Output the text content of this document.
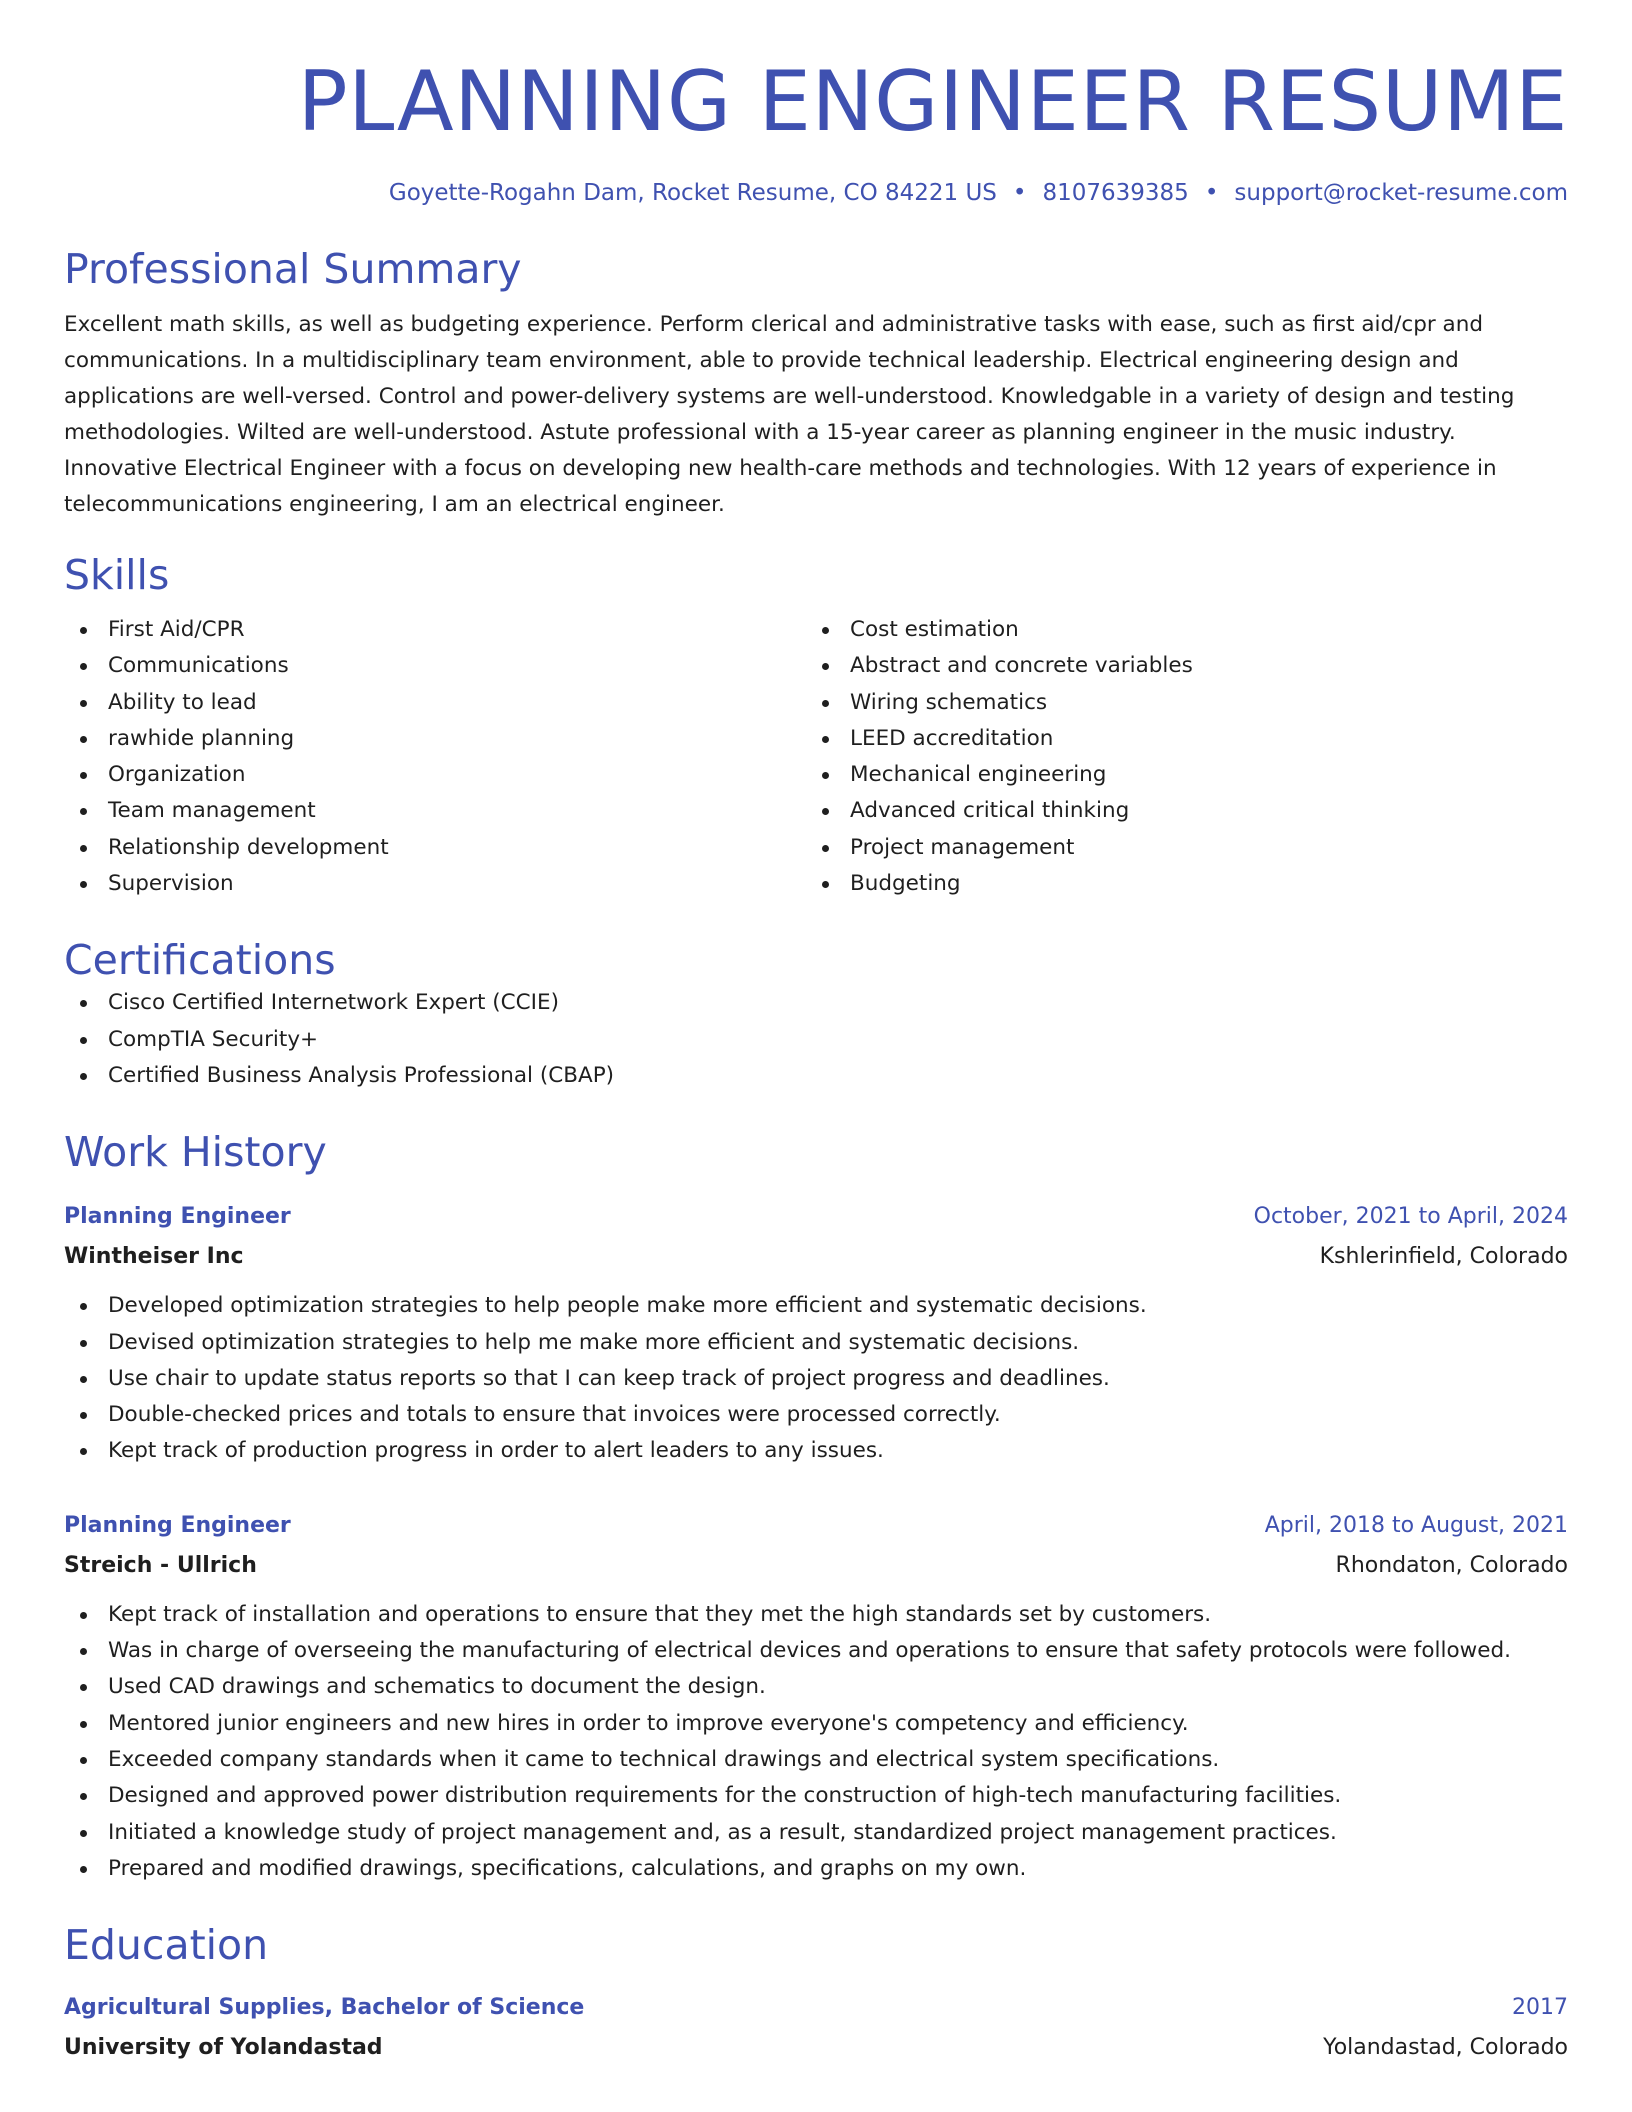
PLANNING ENGINEER RESUME
Goyette-Rogahn Dam, Rocket Resume, CO 84221 US • 8107639385 • support@rocket-resume.com
Professional Summary

Excellent math skills, as well as budgeting experience. Perform clerical and administrative tasks with ease, such as first aid/cpr and communications. In a multidisciplinary team environment, able to provide technical leadership. Electrical engineering design and applications are well-versed. Control and power-delivery systems are well-understood. Knowledgable in a variety of design and testing methodologies. Wilted are well-understood. Astute professional with a 15-year career as planning engineer in the music industry. Innovative Electrical Engineer with a focus on developing new health-care methods and technologies. With 12 years of experience in telecommunications engineering, I am an electrical engineer.

Skills
First Aid/CPR
Communications
Ability to lead
rawhide planning
Organization
Team management
Relationship development
Supervision
Cost estimation
Abstract and concrete variables
Wiring schematics
LEED accreditation
Mechanical engineering
Advanced critical thinking
Project management
Budgeting
Certifications
Cisco Certified Internetwork Expert (CCIE)
CompTIA Security+
Certified Business Analysis Professional (CBAP)
Work History
Planning Engineer	October, 2021 to April, 2024
Wintheiser Inc	Kshlerinfield, Colorado
Developed optimization strategies to help people make more efficient and systematic decisions.
Devised optimization strategies to help me make more efficient and systematic decisions.
Use chair to update status reports so that I can keep track of project progress and deadlines.
Double-checked prices and totals to ensure that invoices were processed correctly.
Kept track of production progress in order to alert leaders to any issues.
Planning Engineer	April, 2018 to August, 2021
Streich - Ullrich	Rhondaton, Colorado
Kept track of installation and operations to ensure that they met the high standards set by customers.
Was in charge of overseeing the manufacturing of electrical devices and operations to ensure that safety protocols were followed.
Used CAD drawings and schematics to document the design.
Mentored junior engineers and new hires in order to improve everyone's competency and efficiency.
Exceeded company standards when it came to technical drawings and electrical system specifications.
Designed and approved power distribution requirements for the construction of high-tech manufacturing facilities.
Initiated a knowledge study of project management and, as a result, standardized project management practices.
Prepared and modified drawings, specifications, calculations, and graphs on my own.
Education
Agricultural Supplies, Bachelor of Science	2017
University of Yolandastad	Yolandastad, Colorado
